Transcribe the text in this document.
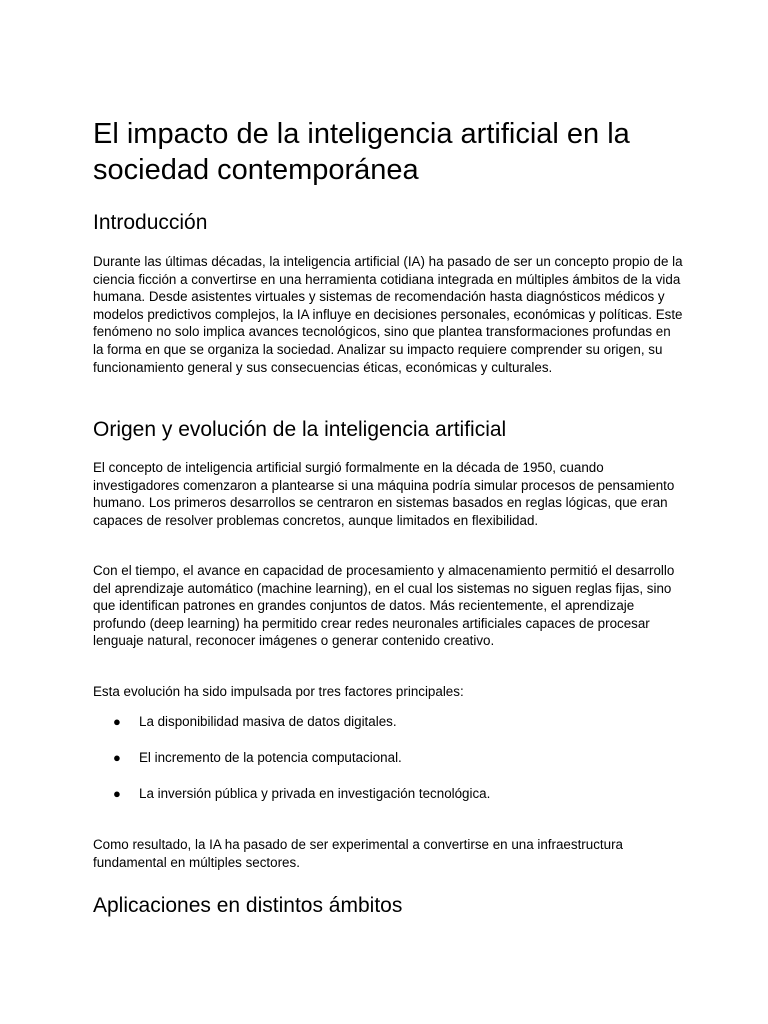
El impacto de la inteligencia artificial en la sociedad contemporánea
Introducción

Durante las últimas décadas, la inteligencia artificial (IA) ha pasado de ser un concepto propio de la ciencia ficción a convertirse en una herramienta cotidiana integrada en múltiples ámbitos de la vida humana. Desde asistentes virtuales y sistemas de recomendación hasta diagnósticos médicos y modelos predictivos complejos, la IA influye en decisiones personales, económicas y políticas. Este fenómeno no solo implica avances tecnológicos, sino que plantea transformaciones profundas en la forma en que se organiza la sociedad. Analizar su impacto requiere comprender su origen, su funcionamiento general y sus consecuencias éticas, económicas y culturales.

Origen y evolución de la inteligencia artificial

El concepto de inteligencia artificial surgió formalmente en la década de 1950, cuando investigadores comenzaron a plantearse si una máquina podría simular procesos de pensamiento humano. Los primeros desarrollos se centraron en sistemas basados en reglas lógicas, que eran capaces de resolver problemas concretos, aunque limitados en flexibilidad.

Con el tiempo, el avance en capacidad de procesamiento y almacenamiento permitió el desarrollo del aprendizaje automático (machine learning), en el cual los sistemas no siguen reglas fijas, sino que identifican patrones en grandes conjuntos de datos. Más recientemente, el aprendizaje profundo (deep learning) ha permitido crear redes neuronales artificiales capaces de procesar lenguaje natural, reconocer imágenes o generar contenido creativo.

Esta evolución ha sido impulsada por tres factores principales:

●	La disponibilidad masiva de datos digitales.
●	El incremento de la potencia computacional.
●	La inversión pública y privada en investigación tecnológica.

Como resultado, la IA ha pasado de ser experimental a convertirse en una infraestructura fundamental en múltiples sectores.

Aplicaciones en distintos ámbitos
